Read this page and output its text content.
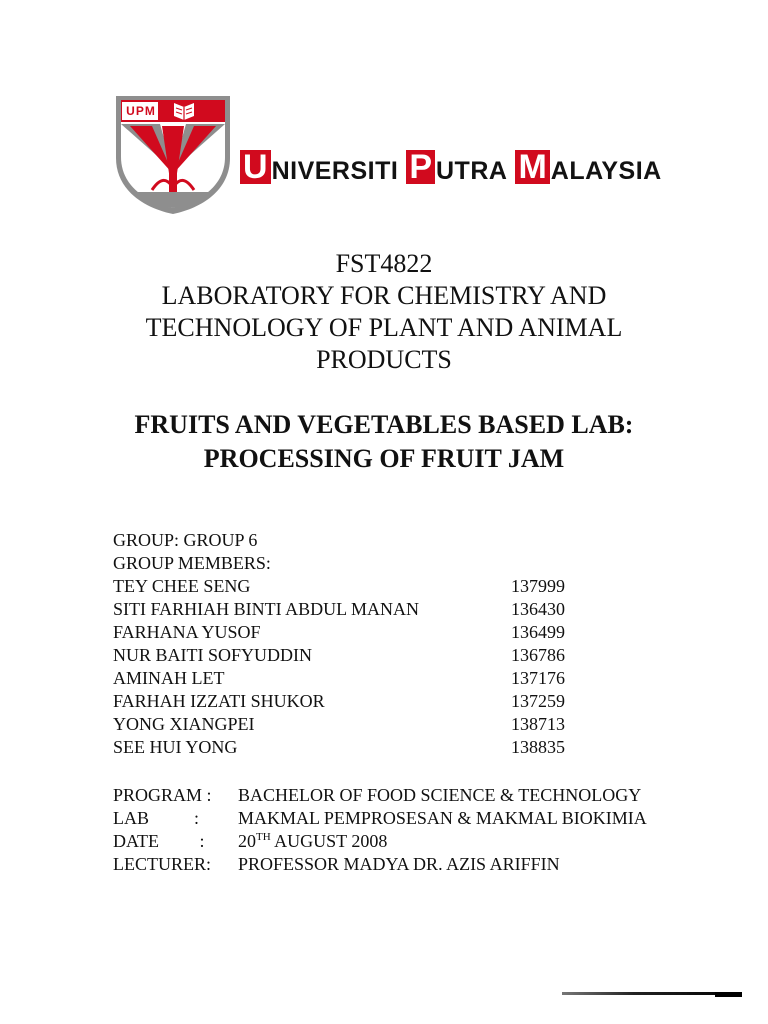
UPM
U NIVERSITI P UTRA M ALAYSIA
FST4822
LABORATORY FOR CHEMISTRY AND
TECHNOLOGY OF PLANT AND ANIMAL
PRODUCTS
FRUITS AND VEGETABLES BASED LAB:
PROCESSING OF FRUIT JAM
GROUP: GROUP 6
GROUP MEMBERS:
TEY CHEE SENG	137999
SITI FARHIAH BINTI ABDUL MANAN	136430
FARHANA YUSOF	136499
NUR BAITI SOFYUDDIN	136786
AMINAH LET	137176
FARHAH IZZATI SHUKOR	137259
YONG XIANGPEI	138713
SEE HUI YONG	138835
PROGRAM :	BACHELOR OF FOOD SCIENCE & TECHNOLOGY
LAB          :	MAKMAL PEMPROSESAN & MAKMAL BIOKIMIA
DATE         :	20TH AUGUST 2008
LECTURER:	PROFESSOR MADYA DR. AZIS ARIFFIN
